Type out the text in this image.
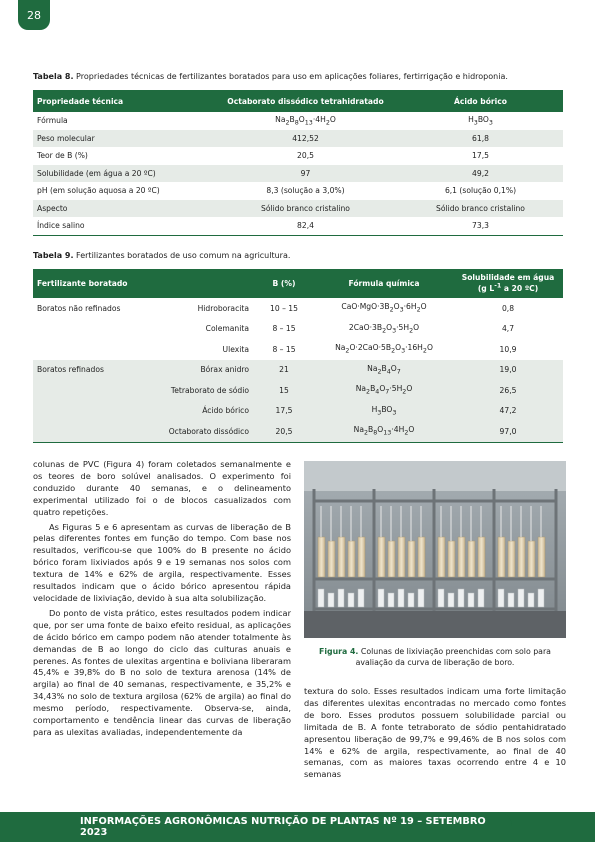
28
Tabela 8. Propriedades técnicas de fertilizantes boratados para uso em aplicações foliares, fertirrigação e hidroponia.
Propriedade técnica	Octaborato dissódico tetrahidratado	Ácido bórico
Fórmula	$Na_2B_8O_{13}\cdot 4H_2O$	$H_3BO_3$
Peso molecular	412,52	61,8
Teor de B (%)	20,5	17,5
Solubilidade (em água a 20 ºC)	97	49,2
pH (em solução aquosa a 20 ºC)	8,3 (solução a 3,0%)	6,1 (solução 0,1%)
Aspecto	Sólido branco cristalino	Sólido branco cristalino
Índice salino	82,4	73,3
Tabela 9. Fertilizantes boratados de uso comum na agricultura.
Fertilizante boratado		B (%)	Fórmula química	Solubilidade em água
(g $L^{-1}$ a 20 ºC)
Boratos não refinados	Hidroboracita	10 – 15	$CaO\cdot MgO\cdot 3B_2O_3\cdot 6H_2O$	0,8
	Colemanita	8 – 15	$2CaO\cdot 3B_2O_3\cdot 5H_2O$	4,7
	Ulexita	8 – 15	$Na_2O\cdot 2CaO\cdot 5B_2O_3\cdot 16H_2O$	10,9
Boratos refinados	Bórax anidro	21	$Na_2B_4O_7$	19,0
	Tetraborato de sódio	15	$Na_2B_4O_7\cdot 5H_2O$	26,5
	Ácido bórico	17,5	$H_3BO_3$	47,2
	Octaborato dissódico	20,5	$Na_2B_8O_{13}\cdot 4H_2O$	97,0

colunas de PVC (Figura 4) foram coletados semanalmente e os teores de boro solúvel analisados. O experimento foi conduzido durante 40 semanas, e o delineamento experimental utilizado foi o de blocos casualizados com quatro repetições.

As Figuras 5 e 6 apresentam as curvas de liberação de B pelas diferentes fontes em função do tempo. Com base nos resultados, verificou-se que 100% do B presente no ácido bórico foram lixiviados após 9 e 19 semanas nos solos com textura de 14% e 62% de argila, respectivamente. Esses resultados indicam que o ácido bórico apresentou rápida velocidade de lixiviação, devido à sua alta solubilização.

Do ponto de vista prático, estes resultados podem indicar que, por ser uma fonte de baixo efeito residual, as aplicações de ácido bórico em campo podem não atender totalmente às demandas de B ao longo do ciclo das culturas anuais e perenes. As fontes de ulexitas argentina e boliviana liberaram 45,4% e 39,8% do B no solo de textura arenosa (14% de argila) ao final de 40 semanas, respectivamente, e 35,2% e 34,43% no solo de textura argilosa (62% de argila) ao final do mesmo período, respectivamente. Observa-se, ainda, comportamento e tendência linear das curvas de liberação para as ulexitas avaliadas, independentemente da

Figura 4. Colunas de lixiviação preenchidas com solo para avaliação da curva de liberação de boro.

textura do solo. Esses resultados indicam uma forte limitação das diferentes ulexitas encontradas no mercado como fontes de boro. Esses produtos possuem solubilidade parcial ou limitada de B. A fonte tetraborato de sódio pentahidratado apresentou liberação de 99,7% e 99,46% de B nos solos com 14% e 62% de argila, respectivamente, ao final de 40 semanas, com as maiores taxas ocorrendo entre 4 e 10 semanas

INFORMAÇÕES AGRONÔMICAS NUTRIÇÃO DE PLANTAS Nº 19 – SETEMBRO 2023
